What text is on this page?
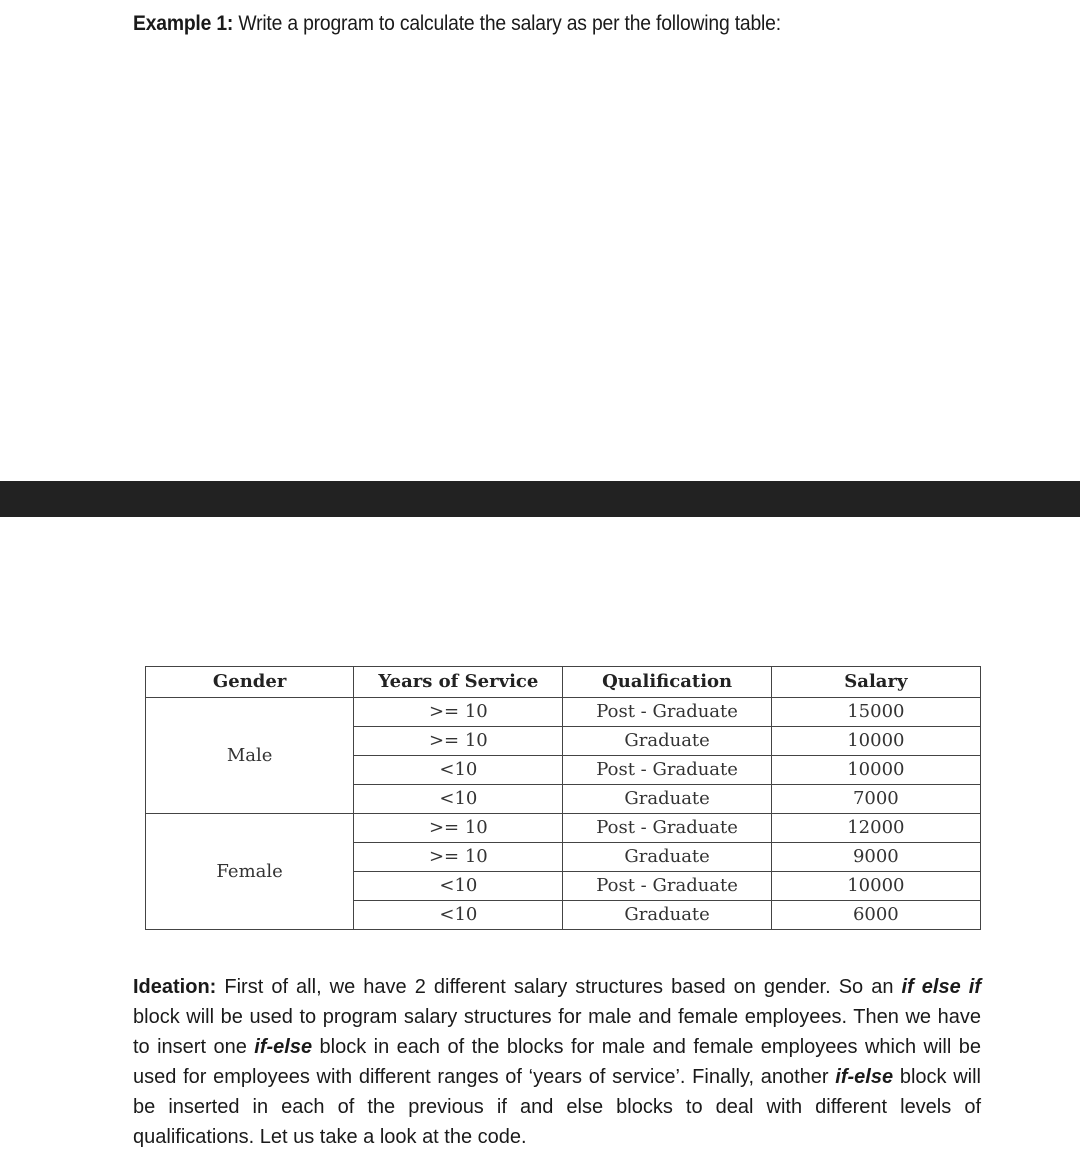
Example 1: Write a program to calculate the salary as per the following table:
Gender	Years of Service	Qualification	Salary
Male	>= 10	Post - Graduate	15000
	>= 10	Graduate	10000
	<10	Post - Graduate	10000
	<10	Graduate	7000
Female	>= 10	Post - Graduate	12000
	>= 10	Graduate	9000
	<10	Post - Graduate	10000
	<10	Graduate	6000
Ideation: First of all, we have 2 different salary structures based on gender. So an if else if block will be used to program salary structures for male and female employees. Then we have to insert one if-else block in each of the blocks for male and female employees which will be used for employees with different ranges of ‘years of service’. Finally, another if-else block will be inserted in each of the previous if and else blocks to deal with different levels of qualifications. Let us take a look at the code.
